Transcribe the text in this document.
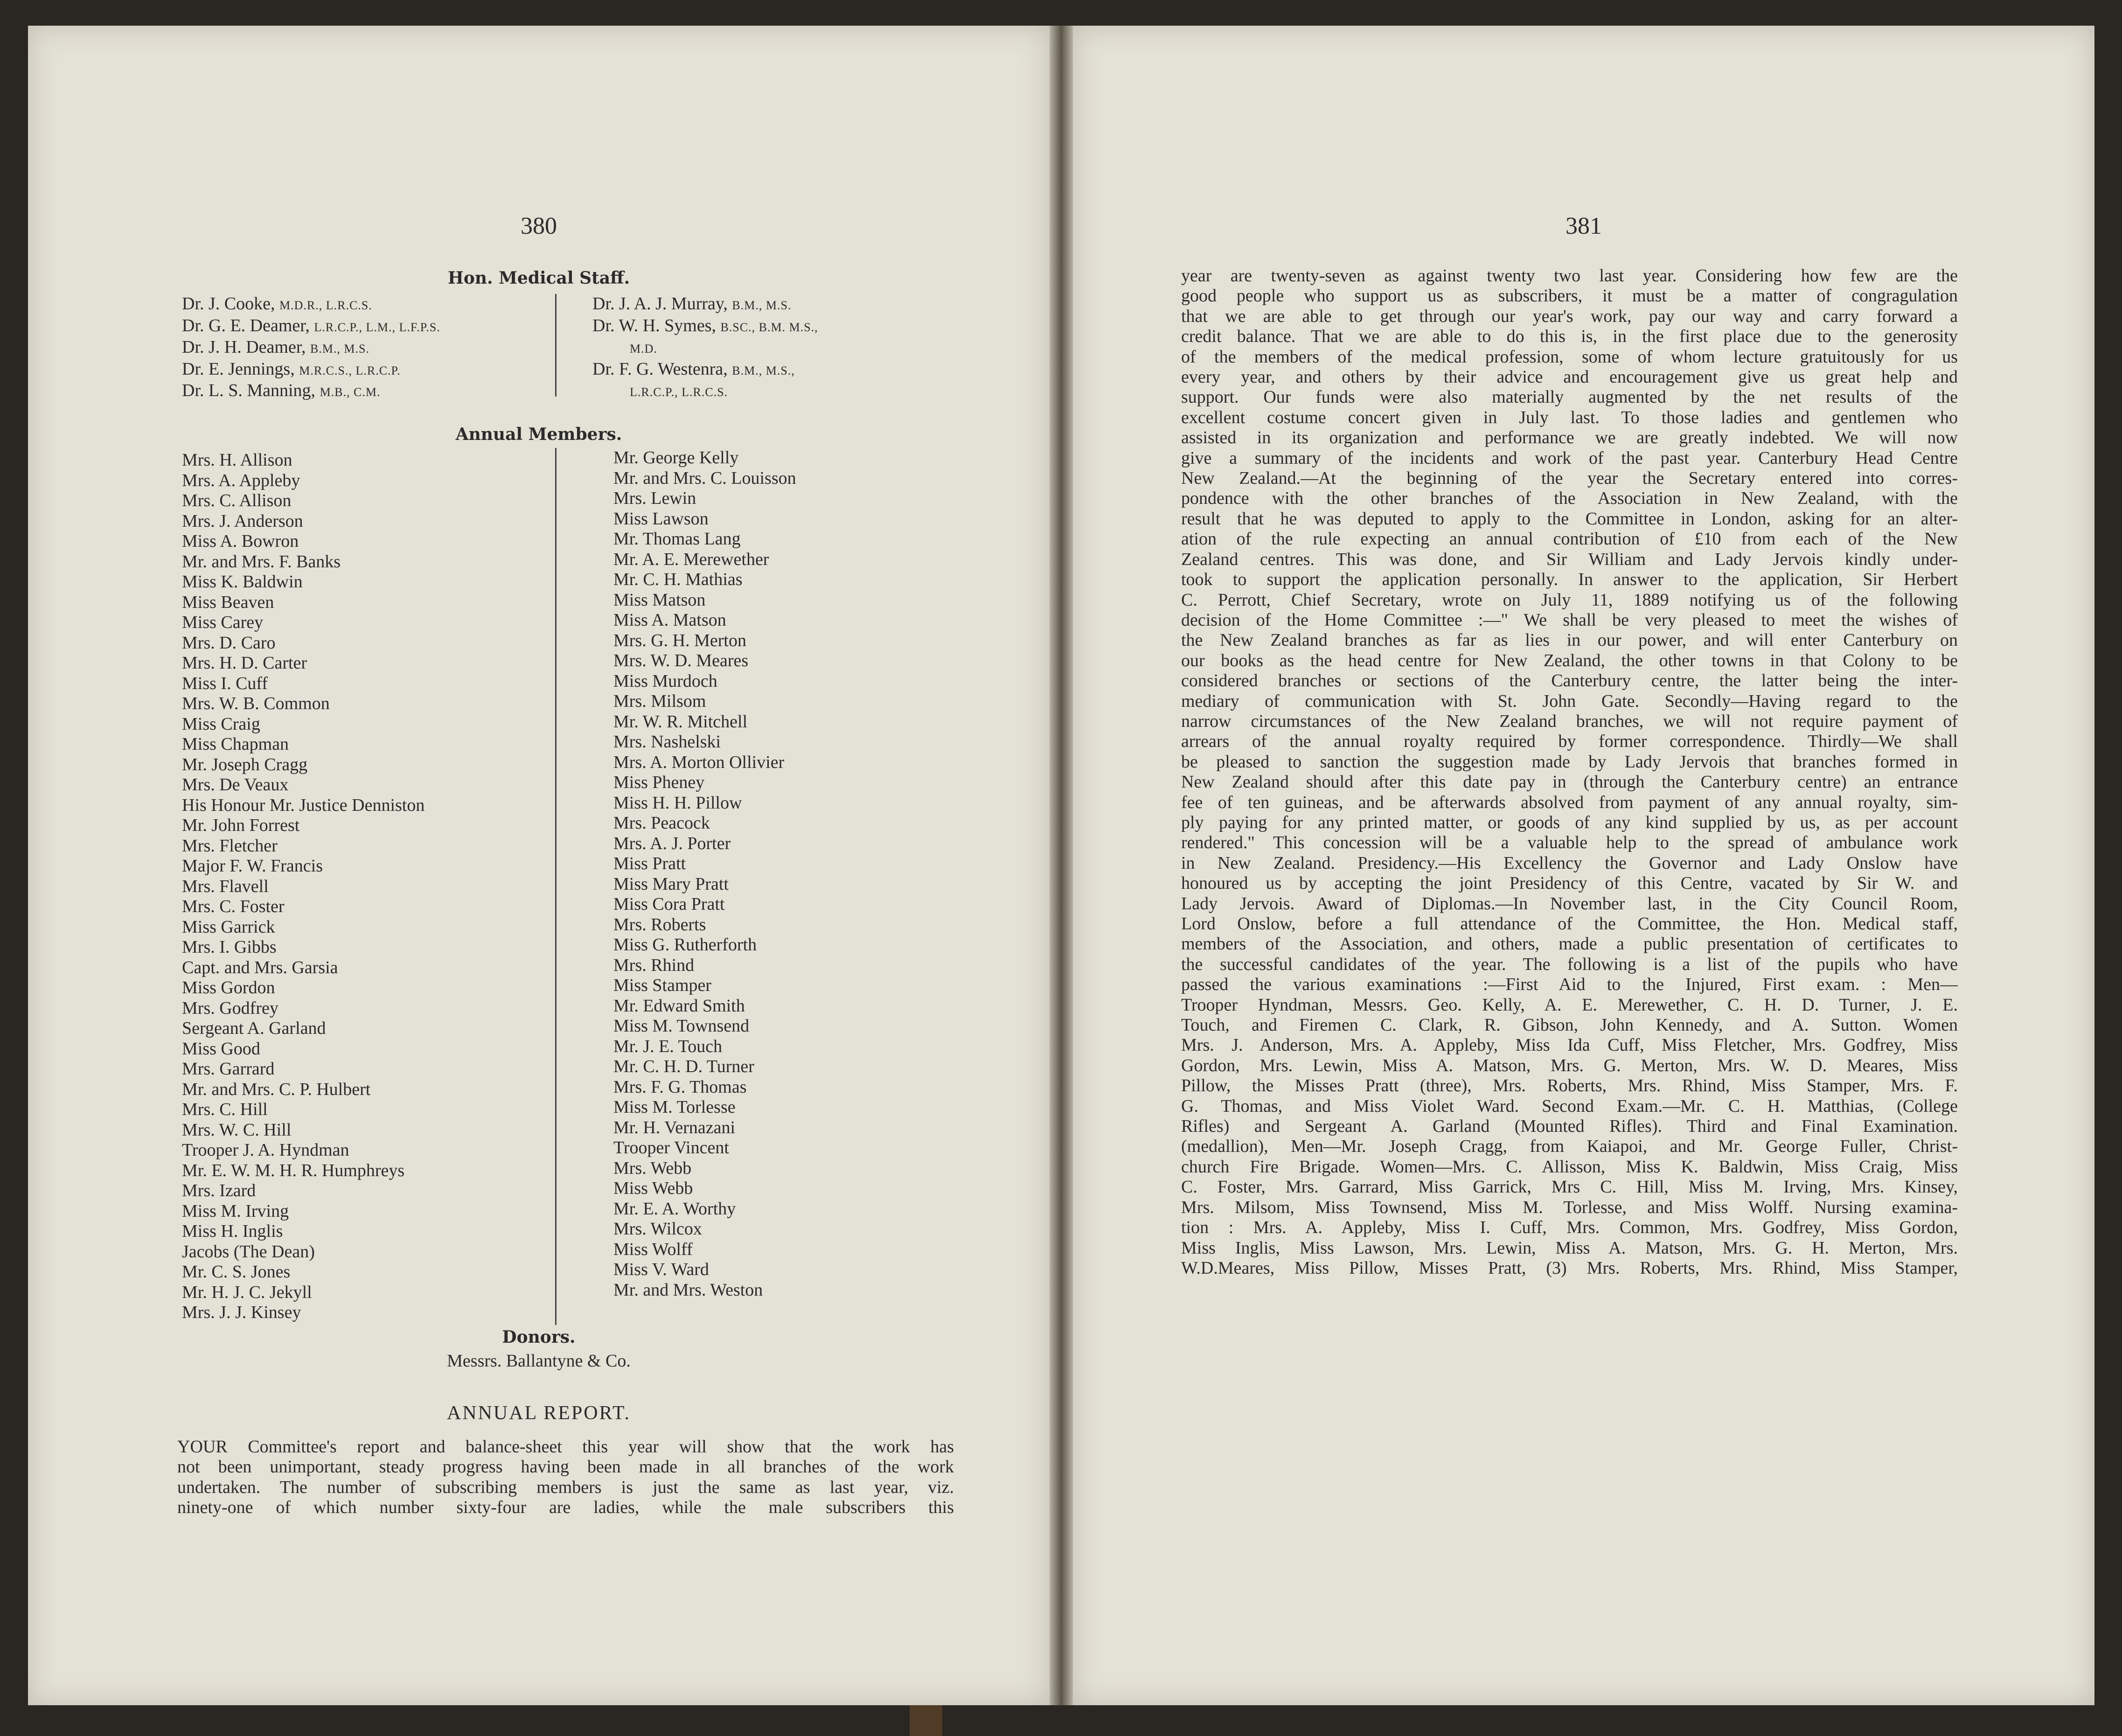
380
Hon. Medical Staff.
Dr. J. Cooke, M.D.R., L.R.C.S.
Dr. G. E. Deamer, L.R.C.P., L.M., L.F.P.S.
Dr. J. H. Deamer, B.M., M.S.
Dr. E. Jennings, M.R.C.S., L.R.C.P.
Dr. L. S. Manning, M.B., C.M.
Dr. J. A. J. Murray, B.M., M.S.
Dr. W. H. Symes, B.SC., B.M. M.S.,
M.D.
Dr. F. G. Westenra, B.M., M.S.,
L.R.C.P., L.R.C.S.
Annual Members.
Mrs. H. Allison
Mrs. A. Appleby
Mrs. C. Allison
Mrs. J. Anderson
Miss A. Bowron
Mr. and Mrs. F. Banks
Miss K. Baldwin
Miss Beaven
Miss Carey
Mrs. D. Caro
Mrs. H. D. Carter
Miss I. Cuff
Mrs. W. B. Common
Miss Craig
Miss Chapman
Mr. Joseph Cragg
Mrs. De Veaux
His Honour Mr. Justice Denniston
Mr. John Forrest
Mrs. Fletcher
Major F. W. Francis
Mrs. Flavell
Mrs. C. Foster
Miss Garrick
Mrs. I. Gibbs
Capt. and Mrs. Garsia
Miss Gordon
Mrs. Godfrey
Sergeant A. Garland
Miss Good
Mrs. Garrard
Mr. and Mrs. C. P. Hulbert
Mrs. C. Hill
Mrs. W. C. Hill
Trooper J. A. Hyndman
Mr. E. W. M. H. R. Humphreys
Mrs. Izard
Miss M. Irving
Miss H. Inglis
Jacobs (The Dean)
Mr. C. S. Jones
Mr. H. J. C. Jekyll
Mrs. J. J. Kinsey
Mr. George Kelly
Mr. and Mrs. C. Louisson
Mrs. Lewin
Miss Lawson
Mr. Thomas Lang
Mr. A. E. Merewether
Mr. C. H. Mathias
Miss Matson
Miss A. Matson
Mrs. G. H. Merton
Mrs. W. D. Meares
Miss Murdoch
Mrs. Milsom
Mr. W. R. Mitchell
Mrs. Nashelski
Mrs. A. Morton Ollivier
Miss Pheney
Miss H. H. Pillow
Mrs. Peacock
Mrs. A. J. Porter
Miss Pratt
Miss Mary Pratt
Miss Cora Pratt
Mrs. Roberts
Miss G. Rutherforth
Mrs. Rhind
Miss Stamper
Mr. Edward Smith
Miss M. Townsend
Mr. J. E. Touch
Mr. C. H. D. Turner
Mrs. F. G. Thomas
Miss M. Torlesse
Mr. H. Vernazani
Trooper Vincent
Mrs. Webb
Miss Webb
Mr. E. A. Worthy
Mrs. Wilcox
Miss Wolff
Miss V. Ward
Mr. and Mrs. Weston
Donors.
Messrs. Ballantyne & Co.
ANNUAL REPORT.
YOUR Committee's report and balance-sheet this year will show that the work has
not been unimportant, steady progress having been made in all branches of the work
undertaken. The number of subscribing members is just the same as last year, viz.
ninety-one of which number sixty-four are ladies, while the male subscribers this
381
year are twenty-seven as against twenty two last year. Considering how few are the
good people who support us as subscribers, it must be a matter of congragulation
that we are able to get through our year's work, pay our way and carry forward a
credit balance. That we are able to do this is, in the first place due to the generosity
of the members of the medical profession, some of whom lecture gratuitously for us
every year, and others by their advice and encouragement give us great help and
support. Our funds were also materially augmented by the net results of the
excellent costume concert given in July last. To those ladies and gentlemen who
assisted in its organization and performance we are greatly indebted. We will now
give a summary of the incidents and work of the past year. Canterbury Head Centre
New Zealand.—At the beginning of the year the Secretary entered into corres-
pondence with the other branches of the Association in New Zealand, with the
result that he was deputed to apply to the Committee in London, asking for an alter-
ation of the rule expecting an annual contribution of £10 from each of the New
Zealand centres. This was done, and Sir William and Lady Jervois kindly under-
took to support the application personally. In answer to the application, Sir Herbert
C. Perrott, Chief Secretary, wrote on July 11, 1889 notifying us of the following
decision of the Home Committee :—" We shall be very pleased to meet the wishes of
the New Zealand branches as far as lies in our power, and will enter Canterbury on
our books as the head centre for New Zealand, the other towns in that Colony to be
considered branches or sections of the Canterbury centre, the latter being the inter-
mediary of communication with St. John Gate. Secondly—Having regard to the
narrow circumstances of the New Zealand branches, we will not require payment of
arrears of the annual royalty required by former correspondence. Thirdly—We shall
be pleased to sanction the suggestion made by Lady Jervois that branches formed in
New Zealand should after this date pay in (through the Canterbury centre) an entrance
fee of ten guineas, and be afterwards absolved from payment of any annual royalty, sim-
ply paying for any printed matter, or goods of any kind supplied by us, as per account
rendered." This concession will be a valuable help to the spread of ambulance work
in New Zealand. Presidency.—His Excellency the Governor and Lady Onslow have
honoured us by accepting the joint Presidency of this Centre, vacated by Sir W. and
Lady Jervois. Award of Diplomas.—In November last, in the City Council Room,
Lord Onslow, before a full attendance of the Committee, the Hon. Medical staff,
members of the Association, and others, made a public presentation of certificates to
the successful candidates of the year. The following is a list of the pupils who have
passed the various examinations :—First Aid to the Injured, First exam. : Men—
Trooper Hyndman, Messrs. Geo. Kelly, A. E. Merewether, C. H. D. Turner, J. E.
Touch, and Firemen C. Clark, R. Gibson, John Kennedy, and A. Sutton. Women
Mrs. J. Anderson, Mrs. A. Appleby, Miss Ida Cuff, Miss Fletcher, Mrs. Godfrey, Miss
Gordon, Mrs. Lewin, Miss A. Matson, Mrs. G. Merton, Mrs. W. D. Meares, Miss
Pillow, the Misses Pratt (three), Mrs. Roberts, Mrs. Rhind, Miss Stamper, Mrs. F.
G. Thomas, and Miss Violet Ward. Second Exam.—Mr. C. H. Matthias, (College
Rifles) and Sergeant A. Garland (Mounted Rifles). Third and Final Examination.
(medallion), Men—Mr. Joseph Cragg, from Kaiapoi, and Mr. George Fuller, Christ-
church Fire Brigade. Women—Mrs. C. Allisson, Miss K. Baldwin, Miss Craig, Miss
C. Foster, Mrs. Garrard, Miss Garrick, Mrs C. Hill, Miss M. Irving, Mrs. Kinsey,
Mrs. Milsom, Miss Townsend, Miss M. Torlesse, and Miss Wolff. Nursing examina-
tion : Mrs. A. Appleby, Miss I. Cuff, Mrs. Common, Mrs. Godfrey, Miss Gordon,
Miss Inglis, Miss Lawson, Mrs. Lewin, Miss A. Matson, Mrs. G. H. Merton, Mrs.
W.D.Meares, Miss Pillow, Misses Pratt, (3) Mrs. Roberts, Mrs. Rhind, Miss Stamper,
